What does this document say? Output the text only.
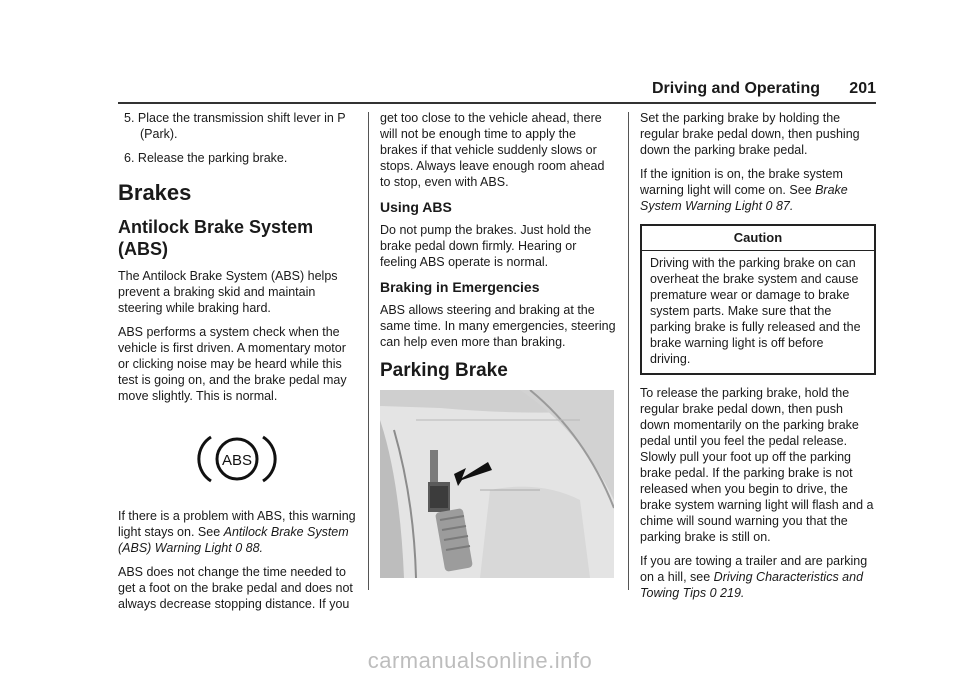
Driving and Operating 201

5. Place the transmission shift lever in P (Park).

6. Release the parking brake.

Brakes
Antilock Brake System (ABS)

The Antilock Brake System (ABS) helps prevent a braking skid and maintain steering while braking hard.

ABS performs a system check when the vehicle is first driven. A momentary motor or clicking noise may be heard while this test is going on, and the brake pedal may move slightly. This is normal.

ABS

If there is a problem with ABS, this warning light stays on. See Antilock Brake System (ABS) Warning Light 0 88.

ABS does not change the time needed to get a foot on the brake pedal and does not always decrease stopping distance. If you

get too close to the vehicle ahead, there will not be enough time to apply the brakes if that vehicle suddenly slows or stops. Always leave enough room ahead to stop, even with ABS.

Using ABS

Do not pump the brakes. Just hold the brake pedal down firmly. Hearing or feeling ABS operate is normal.

Braking in Emergencies

ABS allows steering and braking at the same time. In many emergencies, steering can help even more than braking.

Parking Brake

Set the parking brake by holding the regular brake pedal down, then pushing down the parking brake pedal.

If the ignition is on, the brake system warning light will come on. See Brake System Warning Light 0 87.

Caution
Driving with the parking brake on can overheat the brake system and cause premature wear or damage to brake system parts. Make sure that the parking brake is fully released and the brake warning light is off before driving.

To release the parking brake, hold the regular brake pedal down, then push down momentarily on the parking brake pedal until you feel the pedal release. Slowly pull your foot up off the parking brake pedal. If the parking brake is not released when you begin to drive, the brake system warning light will flash and a chime will sound warning you that the parking brake is still on.

If you are towing a trailer and are parking on a hill, see Driving Characteristics and Towing Tips 0 219.

carmanualsonline.info
